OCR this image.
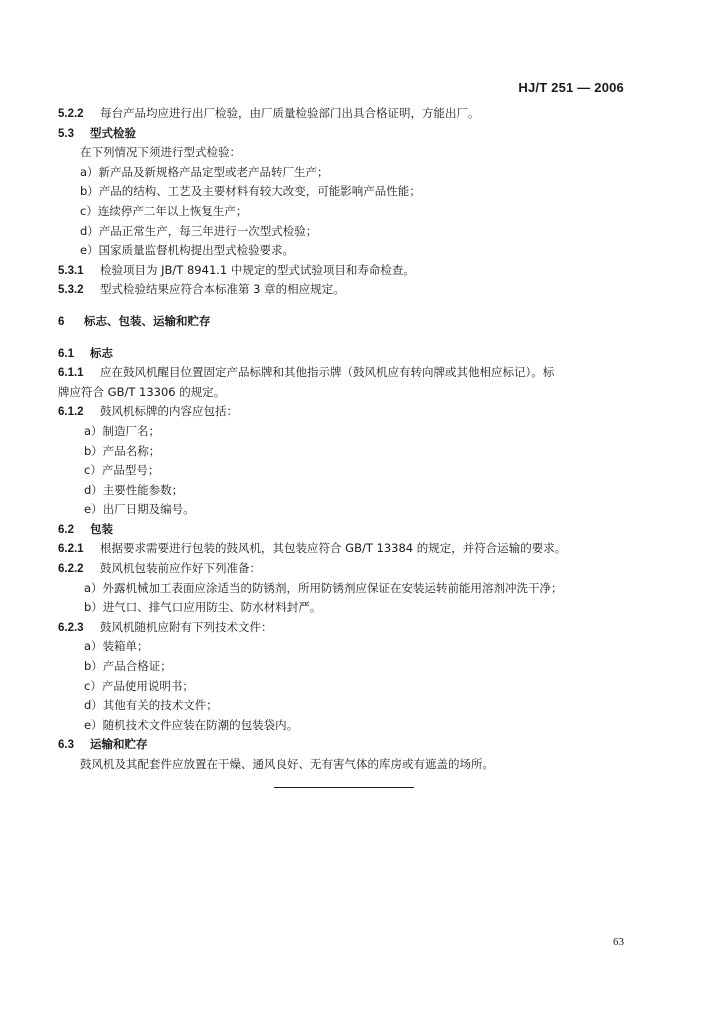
HJ/T 251 — 2006
5.2.2 每台产品均应进行出厂检验，由厂质量检验部门出具合格证明，方能出厂。
5.3 型式检验
在下列情况下须进行型式检验：
a）新产品及新规格产品定型或老产品转厂生产；
b）产品的结构、工艺及主要材料有较大改变，可能影响产品性能；
c）连续停产二年以上恢复生产；
d）产品正常生产，每三年进行一次型式检验；
e）国家质量监督机构提出型式检验要求。
5.3.1 检验项目为 JB/T 8941.1 中规定的型式试验项目和寿命检查。
5.3.2 型式检验结果应符合本标准第 3 章的相应规定。
6 标志、包装、运输和贮存
6.1 标志
6.1.1 应在鼓风机醒目位置固定产品标牌和其他指示牌（鼓风机应有转向牌或其他相应标记）。标
牌应符合 GB/T 13306 的规定。
6.1.2 鼓风机标牌的内容应包括：
a）制造厂名；
b）产品名称；
c）产品型号；
d）主要性能参数；
e）出厂日期及编号。
6.2 包装
6.2.1 根据要求需要进行包装的鼓风机，其包装应符合 GB/T 13384 的规定，并符合运输的要求。
6.2.2 鼓风机包装前应作好下列准备：
a）外露机械加工表面应涂适当的防锈剂，所用防锈剂应保证在安装运转前能用溶剂冲洗干净；
b）进气口、排气口应用防尘、防水材料封严。
6.2.3 鼓风机随机应附有下列技术文件：
a）装箱单；
b）产品合格证；
c）产品使用说明书；
d）其他有关的技术文件；
e）随机技术文件应装在防潮的包装袋内。
6.3 运输和贮存
鼓风机及其配套件应放置在干燥、通风良好、无有害气体的库房或有遮盖的场所。
63
